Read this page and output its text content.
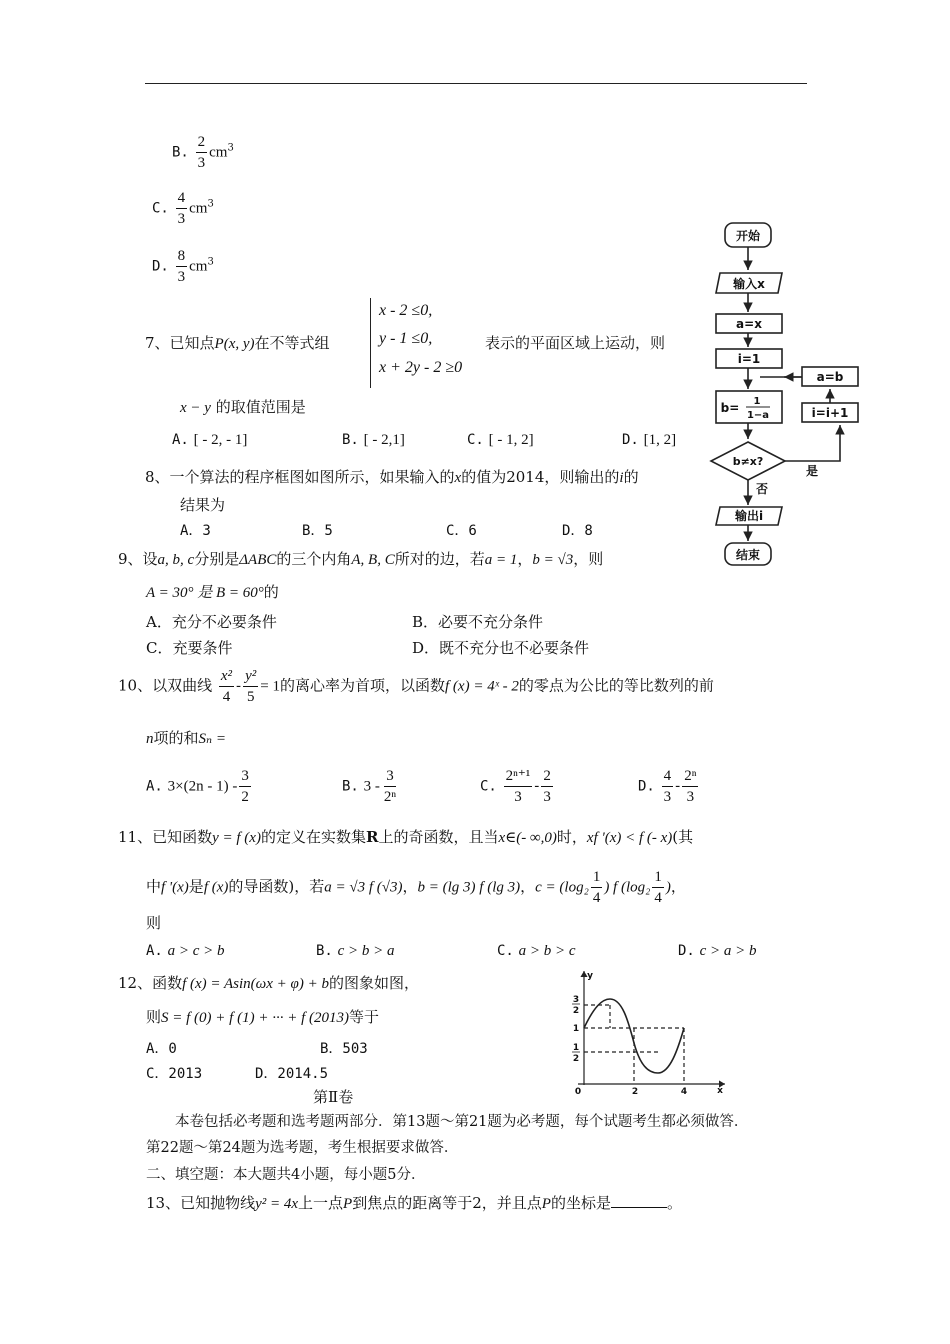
B. $\frac{2}{3} cm^3$
C. $\frac{4}{3} cm^3$
D. $\frac{8}{3} cm^3$
7、已知点P(x, y)在不等式组
x - 2 ≤0,
y - 1 ≤0,
x + 2y - 2 ≥0
表示的平面区域上运动，则
x − y 的取值范围是
A. [ - 2, - 1]	B. [ - 2,1]	C. [ - 1, 2]	D. [1, 2]
8、一个算法的程序框图如图所示，如果输入的x的值为2014，则输出的i的
结果为
A．3	B．5	C．6	D．8
开始
输入x
a=x
i=1
b= 1
1−a
b≠x?
是
否
a=b
i=i+1
输出i
结束
9、设a, b, c分别是ΔABC的三个内角A, B, C所对的边，若a = 1，b = √3，则
A = 30° 是 B = 60°的
A．充分不必要条件	B．必要不充分条件
C．充要条件	D．既不充分也不必要条件
10、以双曲线 $\frac{\text{x²}}{4} - \frac{\text{y²}}{5} = 1$的离心率为首项，以函数f (x) = 4ˣ - 2的零点为公比的等比数列的前
n项的和Sₙ =
A. $3\times(2n - 1) - \frac{3}{2}$	B. $3 - \frac{3}{\text{2ⁿ}}$	C. $\frac{\text{2ⁿ⁺¹}}{3} - \frac{2}{3}$	D. $\frac{4}{3} - \frac{\text{2ⁿ}}{3}$
11、已知函数y = f (x)的定义在实数集R上的奇函数，且当x∈(- ∞,0)时，xf '(x) < f (- x)(其
中f '(x)是f (x)的导函数)，若a = √3 f (√3)，b = (lg 3) f (lg 3)，$c = (\log_2 \frac{1}{4}$ ) f ($\log_2 \frac{1}{4}$ )，
则
A. a > c > b	B. c > b > a	C. a > b > c	D. c > a > b
12、函数f (x) = Asin(ωx + φ) + b的图象如图，
则S = f (0) + f (1) + ··· + f (2013)等于
A．0	B．503
C．2013	D．2014.5
y
x
0
3
2
1
1
2
2	4
第Ⅱ卷
本卷包括必考题和选考题两部分．第13题～第21题为必考题，每个试题考生都必须做答．
第22题～第24题为选考题，考生根据要求做答．
二、填空题：本大题共4小题，每小题5分．
13、已知抛物线y² = 4x上一点P到焦点的距离等于2，并且点P的坐标是	。
